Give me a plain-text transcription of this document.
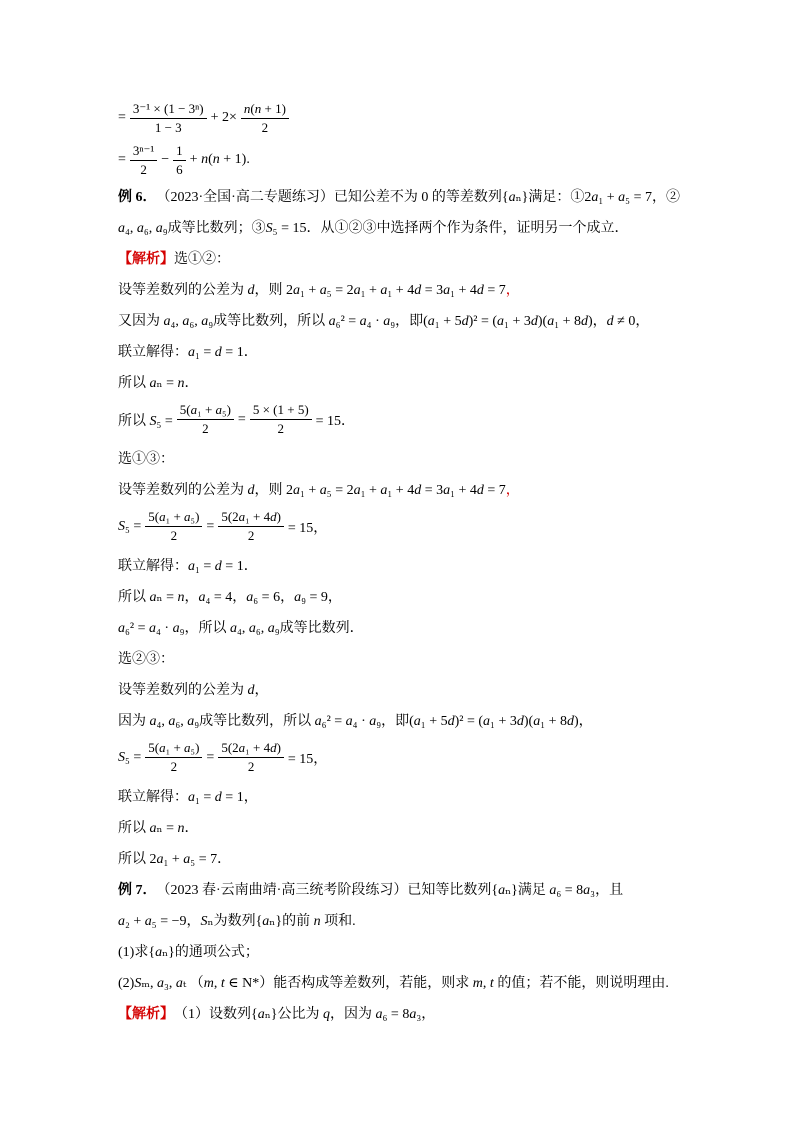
= $\frac{\text{3⁻¹ × (1 − 3ⁿ)}}{1 - 3} + 2\times \frac{n(n + 1)}{2}$
= $\frac{\text{3ⁿ⁻¹}}{2} - \frac{1}{6} + n(n + 1)$.
例 6． （2023·全国·高二专题练习）已知公差不为 0 的等差数列{aₙ}满足：①2a₁ + a₅ = 7，②
a₄, a₆, a₉成等比数列；③S₅ = 15．从①②③中选择两个作为条件，证明另一个成立．
【解析】 选①②：
设等差数列的公差为 d，则 2a₁ + a₅ = 2a₁ + a₁ + 4d = 3a₁ + 4d = 7 ，
又因为 a₄, a₆, a₉成等比数列，所以 a₆² = a₄ · a₉，即(a₁ + 5d)² = (a₁ + 3d)(a₁ + 8d)，d ≠ 0，
联立解得：a₁ = d = 1．
所以 aₙ = n．
所以 $S_5 = \frac{\text{5(a₁ + a₅)}}{2} = \frac{5 \times (1 + 5)}{2} = 15$．
选①③：
设等差数列的公差为 d，则 2a₁ + a₅ = 2a₁ + a₁ + 4d = 3a₁ + 4d = 7 ，
$S_5 = \frac{\text{5(a₁ + a₅)}}{2} = \frac{\text{5(2a₁ + 4d)}}{2} = 15$，
联立解得：a₁ = d = 1．
所以 aₙ = n，a₄ = 4，a₆ = 6，a₉ = 9，
a₆² = a₄ · a₉，所以 a₄, a₆, a₉成等比数列．
选②③：
设等差数列的公差为 d，
因为 a₄, a₆, a₉成等比数列，所以 a₆² = a₄ · a₉，即(a₁ + 5d)² = (a₁ + 3d)(a₁ + 8d)，
$S_5 = \frac{\text{5(a₁ + a₅)}}{2} = \frac{\text{5(2a₁ + 4d)}}{2} = 15$，
联立解得：a₁ = d = 1，
所以 aₙ = n．
所以 2a₁ + a₅ = 7．
例 7． （2023 春·云南曲靖·高三统考阶段练习）已知等比数列{aₙ}满足 a₆ = 8a₃，且
a₂ + a₅ = −9，Sₙ为数列{aₙ}的前 n 项和.
(1)求{aₙ}的通项公式；
(2)Sₘ, a₃, aₜ （m, t ∈ N*）能否构成等差数列，若能，则求 m, t 的值；若不能，则说明理由.
【解析】 （1）设数列{aₙ}公比为 q，因为 a₆ = 8a₃，
